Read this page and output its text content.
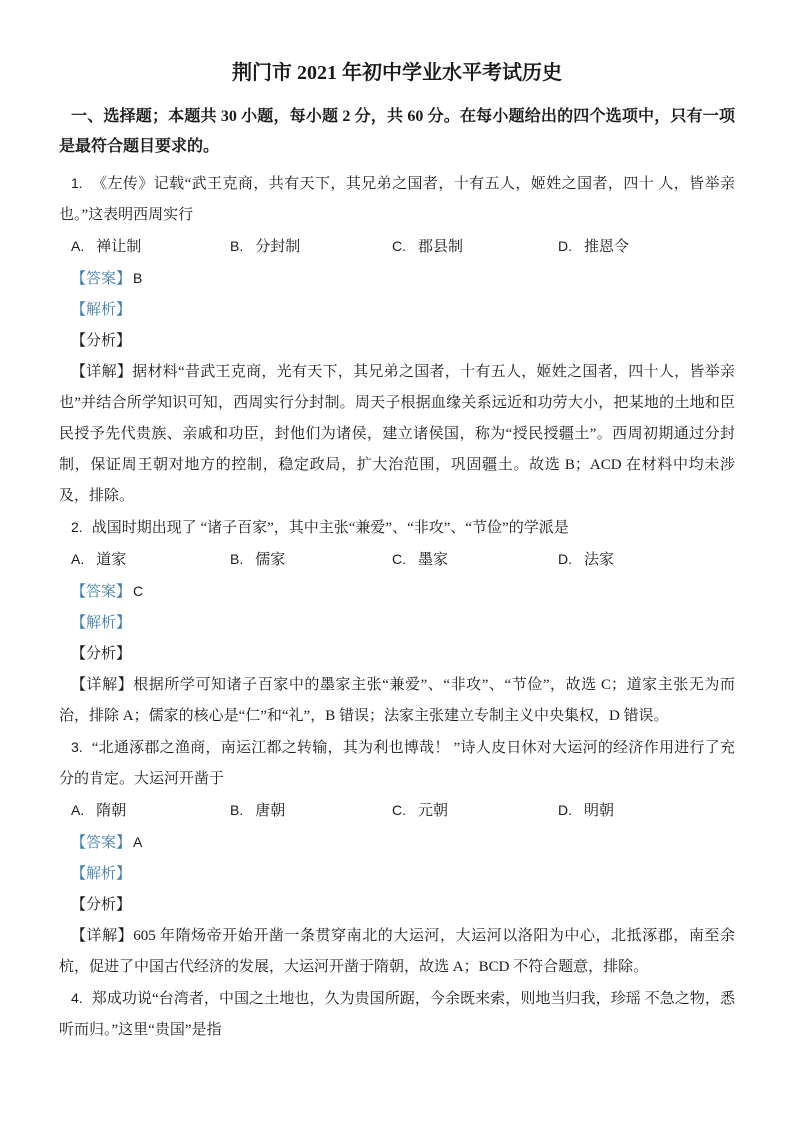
荆门市 2021 年初中学业水平考试历史

一、选择题；本题共 30 小题，每小题 2 分，共 60 分。在每小题给出的四个选项中，只有一项是最符合题目要求的。

1. 《左传》记载“武王克商，共有天下，其兄弟之国者，十有五人，姬姓之国者，四十 人，皆举亲也。”这表明西周实行

A. 禅让制	B. 分封制	C. 郡县制	D. 推恩令

【答案】 B

【解析】

【分析】

【详解】据材料“昔武王克商，光有天下，其兄弟之国者，十有五人，姬姓之国者，四十人，皆举亲也”并结合所学知识可知，西周实行分封制。周天子根据血缘关系远近和功劳大小，把某地的土地和臣民授予先代贵族、亲戚和功臣，封他们为诸侯，建立诸侯国，称为“授民授疆土”。西周初期通过分封制，保证周王朝对地方的控制，稳定政局，扩大治范围，巩固疆土。故选 B；ACD 在材料中均未涉及，排除。

2. 战国时期出现了 “诸子百家”，其中主张“兼爱”、“非攻”、“节俭”的学派是

A. 道家	B. 儒家	C. 墨家	D. 法家

【答案】 C

【解析】

【分析】

【详解】根据所学可知诸子百家中的墨家主张“兼爱”、“非攻”、“节俭”，故选 C；道家主张无为而治，排除 A；儒家的核心是“仁”和“礼”，B 错误；法家主张建立专制主义中央集权，D 错误。

3. “北通涿郡之渔商，南运江都之转输，其为利也博哉！ ”诗人皮日休对大运河的经济作用进行了充分的肯定。大运河开凿于

A. 隋朝	B. 唐朝	C. 元朝	D. 明朝

【答案】 A

【解析】

【分析】

【详解】605 年隋炀帝开始开凿一条贯穿南北的大运河，大运河以洛阳为中心，北抵涿郡，南至余杭，促进了中国古代经济的发展，大运河开凿于隋朝，故选 A；BCD 不符合题意，排除。

4. 郑成功说“台湾者，中国之土地也，久为贵国所踞，今余既来索，则地当归我，珍瑶 不急之物，悉听而归。”这里“贵国”是指
